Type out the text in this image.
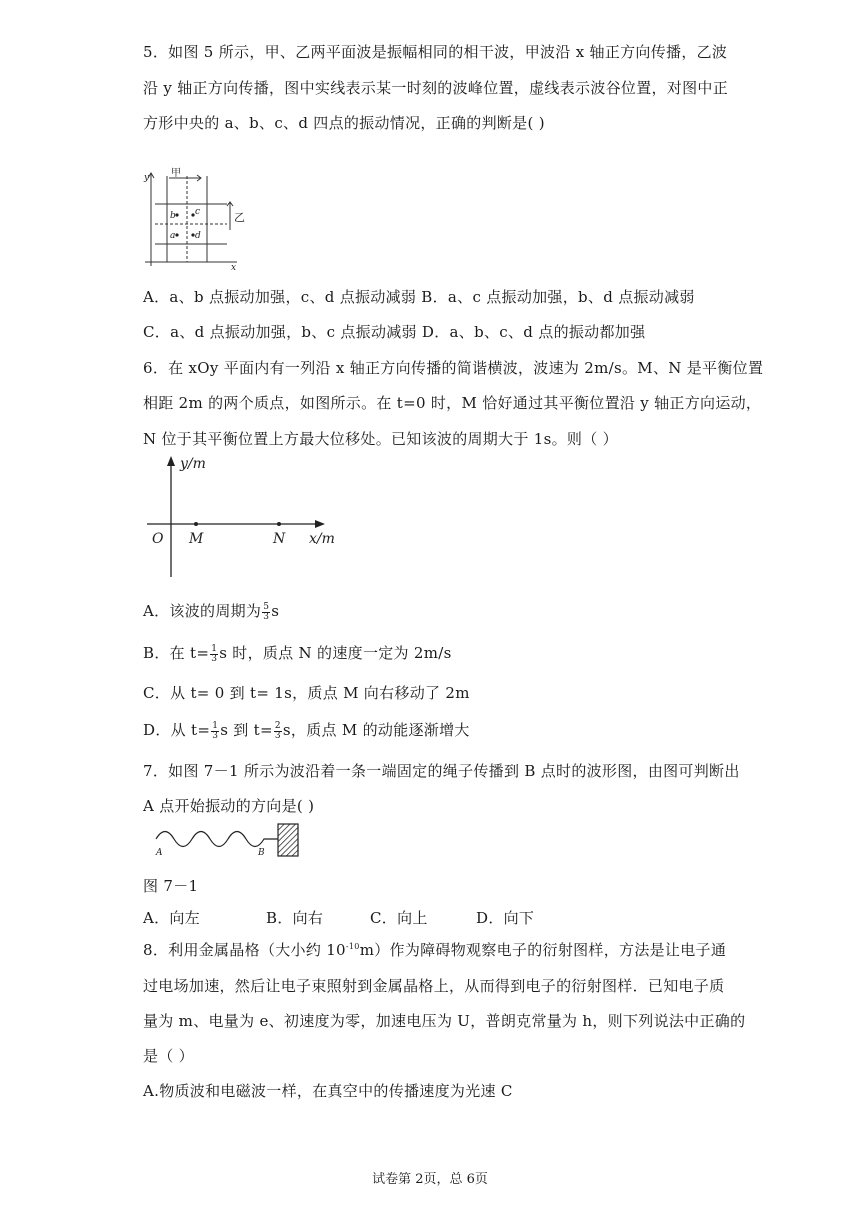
5．如图 5 所示，甲、乙两平面波是振幅相同的相干波，甲波沿 x 轴正方向传播，乙波
沿 y 轴正方向传播，图中实线表示某一时刻的波峰位置，虚线表示波谷位置，对图中正
方形中央的 a、b、c、d 四点的振动情况，正确的判断是( )
y
x
b c
a d
甲
乙
A．a、b 点振动加强，c、d 点振动减弱 B．a、c 点振动加强，b、d 点振动减弱
C．a、d 点振动加强，b、c 点振动减弱 D．a、b、c、d 点的振动都加强
6．在 xOy 平面内有一列沿 x 轴正方向传播的简谐横波，波速为 2m/s。M、N 是平衡位置
相距 2m 的两个质点，如图所示。在 t=0 时，M 恰好通过其平衡位置沿 y 轴正方向运动，
N 位于其平衡位置上方最大位移处。已知该波的周期大于 1s。则（ ）
y/m
x/m
O M	N
A．该波的周期为 $\frac{5}{3}$ s
B．在 $t= \frac{1}{3}$ s 时，质点 N 的速度一定为 2m/s
C．从 t= 0 到 t= 1s，质点 M 向右移动了 2m
D．从 $t= \frac{1}{3}$ s 到 $t= \frac{2}{3}$ s，质点 M 的动能逐渐增大
7．如图 7－1 所示为波沿着一条一端固定的绳子传播到 B 点时的波形图，由图可判断出
A 点开始振动的方向是( )
A	B
图 7－1
A．向左	B．向右	C．向上	D．向下
8．利用金属晶格（大小约 $10^{-10}m$）作为障碍物观察电子的衍射图样，方法是让电子通
过电场加速，然后让电子束照射到金属晶格上，从而得到电子的衍射图样．已知电子质
量为 m、电量为 e、初速度为零，加速电压为 U，普朗克常量为 h，则下列说法中正确的
是（ ）
A.物质波和电磁波一样，在真空中的传播速度为光速 C
试卷第 2页，总 6页
